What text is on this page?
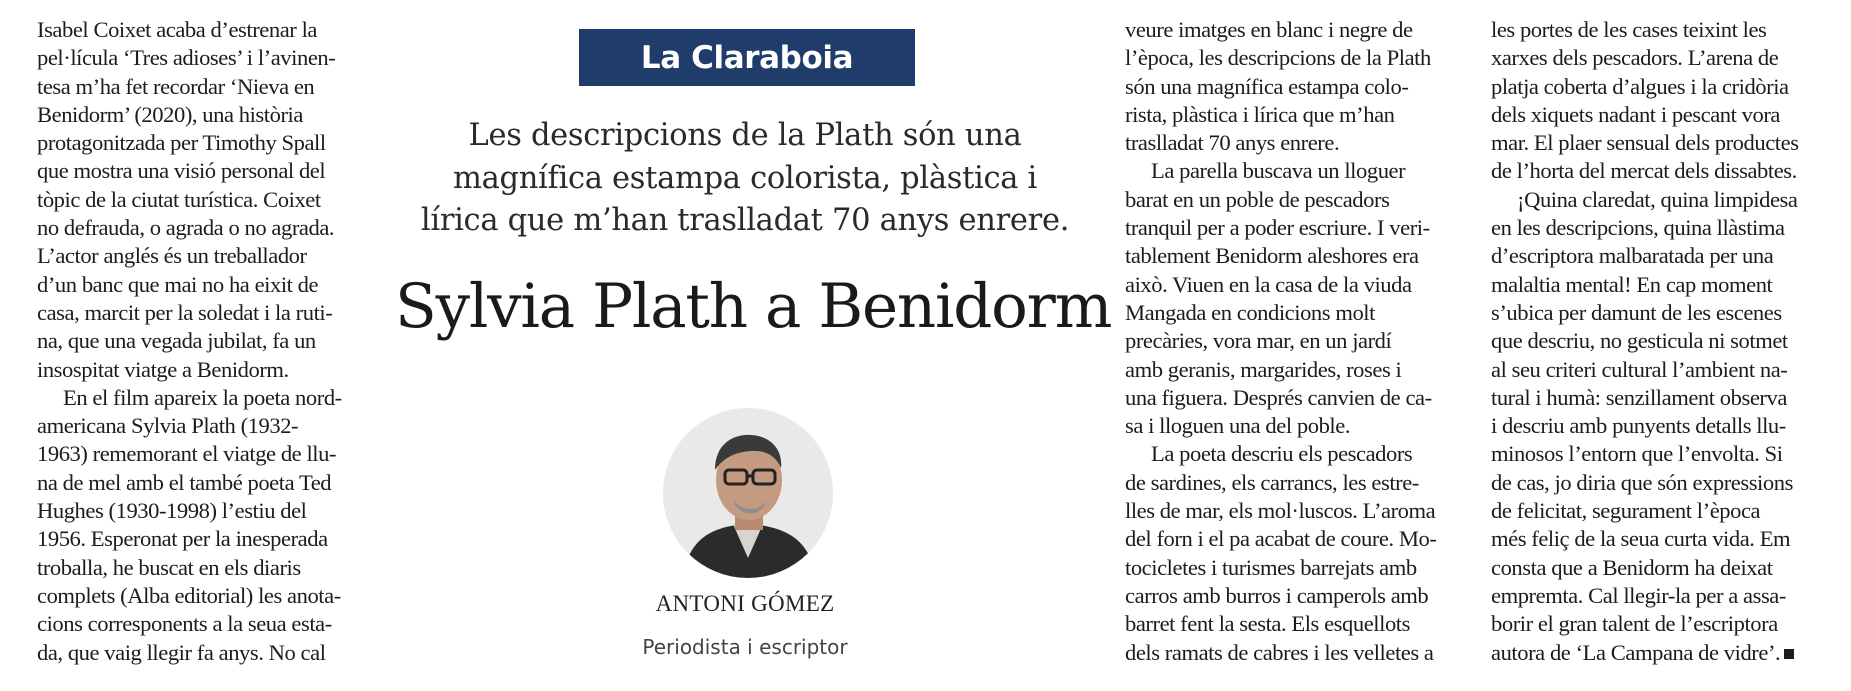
Isabel Coixet acaba d’estrenar la
pel·lícula ‘Tres adioses’ i l’avinen-
tesa m’ha fet recordar ‘Nieva en
Benidorm’ (2020), una història
protagonitzada per Timothy Spall
que mostra una visió personal del
tòpic de la ciutat turística. Coixet
no defrauda, o agrada o no agrada.
L’actor anglés és un treballador
d’un banc que mai no ha eixit de
casa, marcit per la soledat i la ruti-
na, que una vegada jubilat, fa un
insospitat viatge a Benidorm.
En el film apareix la poeta nord-
americana Sylvia Plath (1932-
1963) rememorant el viatge de llu-
na de mel amb el també poeta Ted
Hughes (1930-1998) l’estiu del
1956. Esperonat per la inesperada
troballa, he buscat en els diaris
complets (Alba editorial) les anota-
cions corresponents a la seua esta-
da, que vaig llegir fa anys. No cal
La Claraboia
Les descripcions de la Plath són una
magnífica estampa colorista, plàstica i
lírica que m’han traslladat 70 anys enrere.
Sylvia Plath a Benidorm
ANTONI GÓMEZ
Periodista i escriptor
veure imatges en blanc i negre de
l’època, les descripcions de la Plath
són una magnífica estampa colo-
rista, plàstica i lírica que m’han
traslladat 70 anys enrere.
La parella buscava un lloguer
barat en un poble de pescadors
tranquil per a poder escriure. I veri-
tablement Benidorm aleshores era
això. Viuen en la casa de la viuda
Mangada en condicions molt
precàries, vora mar, en un jardí
amb geranis, margarides, roses i
una figuera. Després canvien de ca-
sa i lloguen una del poble.
La poeta descriu els pescadors
de sardines, els carrancs, les estre-
lles de mar, els mol·luscos. L’aroma
del forn i el pa acabat de coure. Mo-
tocicletes i turismes barrejats amb
carros amb burros i camperols amb
barret fent la sesta. Els esquellots
dels ramats de cabres i les velletes a
les portes de les cases teixint les
xarxes dels pescadors. L’arena de
platja coberta d’algues i la cridòria
dels xiquets nadant i pescant vora
mar. El plaer sensual dels productes
de l’horta del mercat dels dissabtes.
¡Quina claredat, quina limpidesa
en les descripcions, quina llàstima
d’escriptora malbaratada per una
malaltia mental! En cap moment
s’ubica per damunt de les escenes
que descriu, no gesticula ni sotmet
al seu criteri cultural l’ambient na-
tural i humà: senzillament observa
i descriu amb punyents detalls llu-
minosos l’entorn que l’envolta. Si
de cas, jo diria que són expressions
de felicitat, segurament l’època
més feliç de la seua curta vida. Em
consta que a Benidorm ha deixat
empremta. Cal llegir-la per a assa-
borir el gran talent de l’escriptora
autora de ‘La Campana de vidre’.
